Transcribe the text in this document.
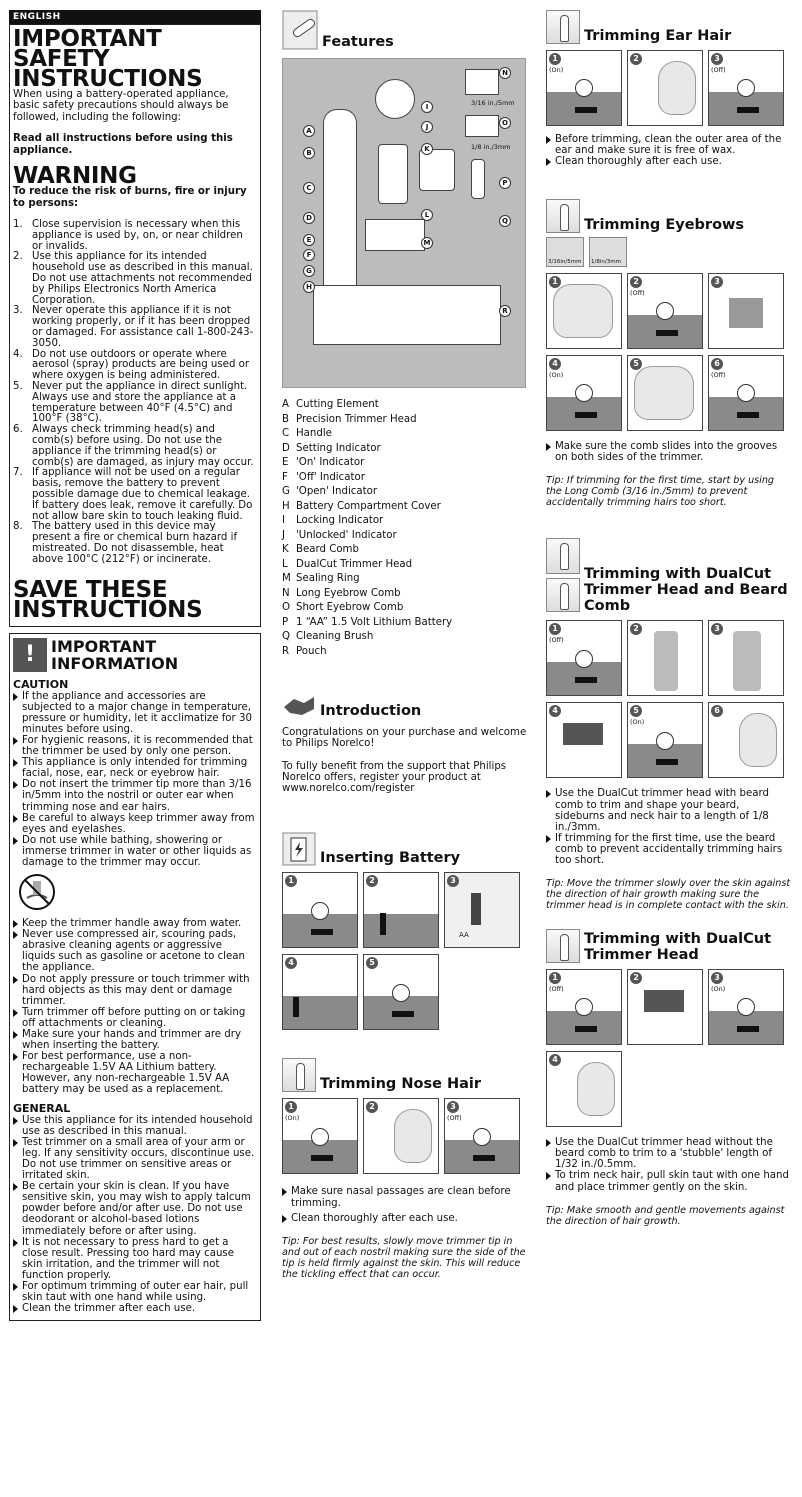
ENGLISH
IMPORTANT SAFETY INSTRUCTIONS
When using a battery-operated appliance, basic safety precautions should always be followed, including the following:
Read all instructions before using this appliance.
WARNING
To reduce the risk of burns, fire or injury to persons:
1. Close supervision is necessary when this appliance is used by, on, or near children or invalids.
2. Use this appliance for its intended household use as described in this manual. Do not use attachments not recommended by Philips Electronics North America Corporation.
3. Never operate this appliance if it is not working properly, or if it has been dropped or damaged. For assistance call 1-800-243-3050.
4. Do not use outdoors or operate where aerosol (spray) products are being used or where oxygen is being administered.
5. Never put the appliance in direct sunlight. Always use and store the appliance at a temperature between 40°F (4.5°C) and 100°F (38°C).
6. Always check trimming head(s) and comb(s) before using. Do not use the appliance if the trimming head(s) or comb(s) are damaged, as injury may occur.
7. If appliance will not be used on a regular basis, remove the battery to prevent possible damage due to chemical leakage. If battery does leak, remove it carefully. Do not allow bare skin to touch leaking fluid.
8. The battery used in this device may present a fire or chemical burn hazard if mistreated. Do not disassemble, heat above 100°C (212°F) or incinerate.
SAVE THESE INSTRUCTIONS
!
IMPORTANT INFORMATION
CAUTION
If the appliance and accessories are subjected to a major change in temperature, pressure or humidity, let it acclimatize for 30 minutes before using.
For hygienic reasons, it is recommended that the trimmer be used by only one person.
This appliance is only intended for trimming facial, nose, ear, neck or eyebrow hair.
Do not insert the trimmer tip more than 3/16 in/5mm into the nostril or outer ear when trimming nose and ear hairs.
Be careful to always keep trimmer away from eyes and eyelashes.
Do not use while bathing, showering or immerse trimmer in water or other liquids as damage to the trimmer may occur.
Keep the trimmer handle away from water.
Never use compressed air, scouring pads, abrasive cleaning agents or aggressive liquids such as gasoline or acetone to clean the appliance.
Do not apply pressure or touch trimmer with hard objects as this may dent or damage trimmer.
Turn trimmer off before putting on or taking off attachments or cleaning.
Make sure your hands and trimmer are dry when inserting the battery.
For best performance, use a non-rechargeable 1.5V AA Lithium battery. However, any non-rechargeable 1.5V AA battery may be used as a replacement.
GENERAL
Use this appliance for its intended household use as described in this manual.
Test trimmer on a small area of your arm or leg. If any sensitivity occurs, discontinue use. Do not use trimmer on sensitive areas or irritated skin.
Be certain your skin is clean. If you have sensitive skin, you may wish to apply talcum powder before and/or after use. Do not use deodorant or alcohol-based lotions immediately before or after using.
It is not necessary to press hard to get a close result. Pressing too hard may cause skin irritation, and the trimmer will not function properly.
For optimum trimming of outer ear hair, pull skin taut with one hand while using.
Clean the trimmer after each use.
Features
3/16 in./5mm
1/8 in./3mm
A
B
C
D
E
F
G
H
I
J
K
L
M
N
O
P
Q
R
A Cutting Element
B Precision Trimmer Head
C Handle
D Setting Indicator
E 'On' Indicator
F 'Off' Indicator
G 'Open' Indicator
H Battery Compartment Cover
I	Locking Indicator
J	'Unlocked' Indicator
K Beard Comb
L DualCut Trimmer Head
M Sealing Ring
N Long Eyebrow Comb
O Short Eyebrow Comb
P 1 “AA” 1.5 Volt Lithium Battery
Q Cleaning Brush
R Pouch
Introduction
Congratulations on your purchase and welcome to Philips Norelco!
To fully benefit from the support that Philips Norelco offers, register your product at www.norelco.com/register
Inserting Battery
1	2	3
AA
4	5
Trimming Nose Hair
1
(On)
2	3
(Off)
Make sure nasal passages are clean before trimming.
Clean thoroughly after each use.
Tip: For best results, slowly move trimmer tip in and out of each nostril making sure the side of the tip is held firmly against the skin. This will reduce the tickling effect that can occur.
Trimming Ear Hair
1
(On)
2	3
(Off)
Before trimming, clean the outer area of the ear and make sure it is free of wax.
Clean thoroughly after each use.
Trimming Eyebrows
3/16in/5mm 1/8in/3mm
1	2
(Off)
3
4
(On)
5	6
(Off)
Make sure the comb slides into the grooves on both sides of the trimmer.
Tip: If trimming for the first time, start by using the Long Comb (3/16 in./5mm) to prevent accidentally trimming hairs too short.
Trimming with DualCut Trimmer Head and Beard Comb
1
(Off)
2	3
4	5
(On)
6
Use the DualCut trimmer head with beard comb to trim and shape your beard, sideburns and neck hair to a length of 1/8 in./3mm.
If trimming for the first time, use the beard comb to prevent accidentally trimming hairs too short.
Tip: Move the trimmer slowly over the skin against the direction of hair growth making sure the trimmer head is in complete contact with the skin.
Trimming with DualCut Trimmer Head
1
(Off)
2	3
(On)
4
Use the DualCut trimmer head without the beard comb to trim to a 'stubble' length of 1/32 in./0.5mm.
To trim neck hair, pull skin taut with one hand and place trimmer gently on the skin.
Tip: Make smooth and gentle movements against the direction of hair growth.
